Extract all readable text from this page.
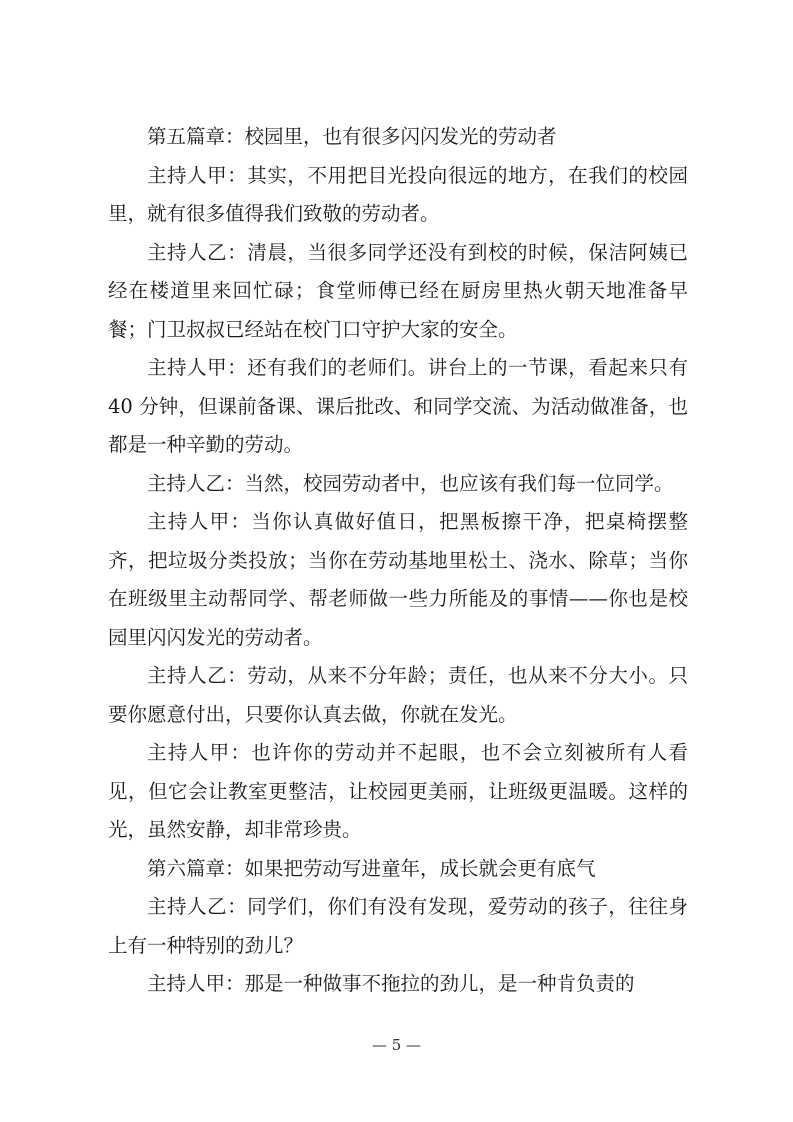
第五篇章：校园里，也有很多闪闪发光的劳动者

主持人甲：其实，不用把目光投向很远的地方，在我们的校园里，就有很多值得我们致敬的劳动者。

主持人乙：清晨，当很多同学还没有到校的时候，保洁阿姨已经在楼道里来回忙碌；食堂师傅已经在厨房里热火朝天地准备早餐；门卫叔叔已经站在校门口守护大家的安全。

主持人甲：还有我们的老师们。讲台上的一节课，看起来只有 40 分钟，但课前备课、课后批改、和同学交流、为活动做准备，也都是一种辛勤的劳动。

主持人乙：当然，校园劳动者中，也应该有我们每一位同学。

主持人甲：当你认真做好值日，把黑板擦干净，把桌椅摆整齐，把垃圾分类投放；当你在劳动基地里松土、浇水、除草；当你在班级里主动帮同学、帮老师做一些力所能及的事情——你也是校园里闪闪发光的劳动者。

主持人乙：劳动，从来不分年龄；责任，也从来不分大小。只要你愿意付出，只要你认真去做，你就在发光。

主持人甲：也许你的劳动并不起眼，也不会立刻被所有人看见，但它会让教室更整洁，让校园更美丽，让班级更温暖。这样的光，虽然安静，却非常珍贵。

第六篇章：如果把劳动写进童年，成长就会更有底气

主持人乙：同学们，你们有没有发现，爱劳动的孩子，往往身上有一种特别的劲儿？

主持人甲：那是一种做事不拖拉的劲儿，是一种肯负责的

— 5 —
